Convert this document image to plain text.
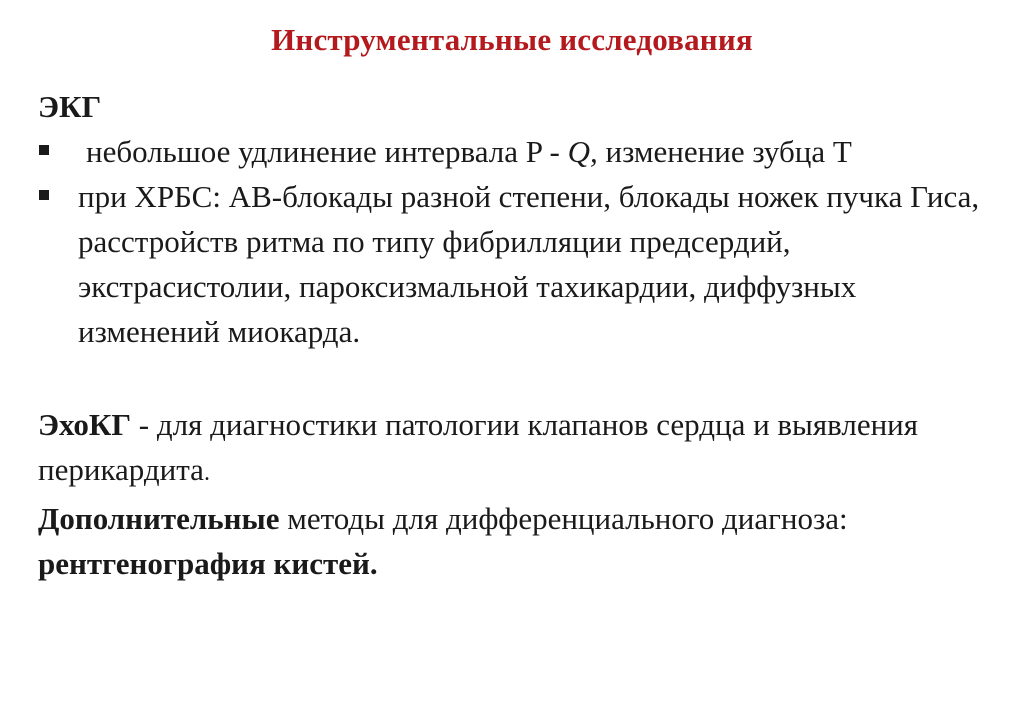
Инструментальные исследования

ЭКГ

небольшое удлинение интервала P - Q, изменение зубца Т
при ХРБС: АВ-блокады разной степени, блокады ножек пучка Гиса, расстройств ритма по типу фибрилляции предсердий, экстрасистолии, пароксизмальной тахикардии, диффузных изменений миокарда.

ЭхоКГ - для диагностики патологии клапанов сердца и выявления перикардита.

Дополнительные методы для дифференциального диагноза: рентгенография кистей.
